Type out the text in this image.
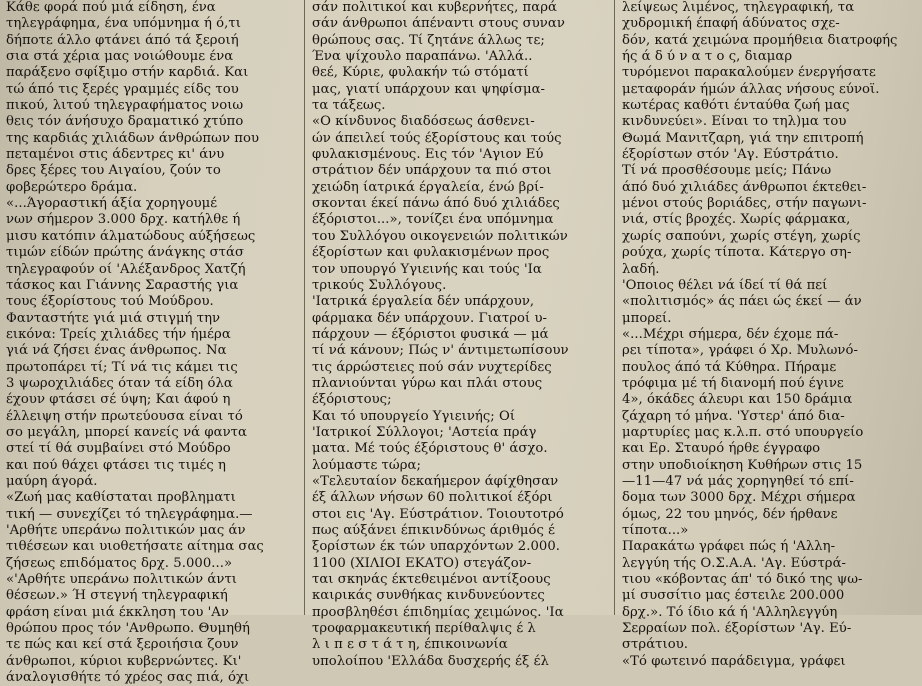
Κάθε φορά πού μιά είδηση, ένα
τηλεγράφημα, ένα υπόμνημα ή ό,τι
δήποτε άλλο φτάνει άπό τά ξεροιή
σια στά χέρια μας νοιώθουμε ένα
παράξενο σφίξιμο στήν καρδιά. Και
τώ άπό τις ξερές γραμμές είδς του
πικού, λιτού τηλεγραφήματος νοιω
θεις τόν άνήσυχο δραματικό χτύπο
της καρδιάς χιλιάδων άνθρώπων που
πεταμένοι στις άδεντρες κι' άνυ
δρες ξέρες του Αιγαίου, ζούν το
φοβερώτερο δράμα.
«...Άγοραστική άξία χορηγουμέ
νων σήμερον 3.000 δρχ. κατήλθε ή
μισυ κατόπιν άλματώδους αύξήσεως
τιμών είδών πρώτης άνάγκης στάσ
τηλεγραφούν οί 'Αλέξανδρος Χατζή
τάσκος και Γιάννης Σαραστής για
τους έξορίστους τού Μούδρου.
Φανταστήτε γιά μιά στιγμή την
εικόνα: Τρείς χιλιάδες τήν ήμέρα
γιά νά ζήσει ένας άνθρωπος. Να
πρωτοπάρει τί; Τί νά τις κάμει τις
3 ψωροχιλιάδες όταν τά είδη όλα
έχουν φτάσει σέ ύψη; Και άφού η
έλλειψη στήν πρωτεύουσα είναι τό
σο μεγάλη, μπορεί κανείς νά φαντα
στεί τί θά συμβαίνει στό Μούδρο
και πού θάχει φτάσει τις τιμές η
μαύρη άγορά.
«Ζωή μας καθίσταται προβληματι
τική — συνεχίζει τό τηλεγράφημα.—
'Αρθήτε υπεράνω πολιτικών μας άν
τιθέσεων και υιοθετήσατε αίτημα σας
ζήσεως επιδόματος δρχ. 5.000...»
«'Αρθήτε υπεράνω πολιτικών άντι
θέσεων.» Ή στεγνή τηλεγραφική
φράση είναι μιά έκκληση του 'Αν
θρώπου προς τόν 'Ανθρωπο. Θυμηθή
τε πώς και κεί στά ξεροιήσια ζουν
άνθρωποι, κύριοι κυβερνώντες. Κι'
άναλογισθήτε τό χρέος σας πιά, όχι
σάν πολιτικοί και κυβερνήτες, παρά
σάν άνθρωποι άπέναντι στους συναν
θρώπους σας. Τί ζητάνε άλλως τε;
Ένα ψίχουλο παραπάνω. 'Αλλά..
θεέ, Κύριε, φυλακήν τώ στόματί
μας, γιατί υπάρχουν και ψηφίσμα-
τα τάξεως.
«Ο κίνδυνος διαδόσεως άσθενει-
ών άπειλεί τούς έξορίστους και τούς
φυλακισμένους. Εις τόν 'Αγιον Εύ
στράτιον δέν υπάρχουν τα πιό στοι
χειώδη ίατρικά έργαλεία, ένώ βρί-
σκονται έκεί πάνω άπό δυό χιλιάδες
έξόριστοι...», τονίζει ένα υπόμνημα
του Συλλόγου οικογενειών πολιτικών
έξορίστων και φυλακισμένων προς
τον υπουργό Υγιεινής και τούς 'Ια
τρικούς Συλλόγους.
'Ιατρικά έργαλεία δέν υπάρχουν,
φάρμακα δέν υπάρχουν. Γιατροί υ-
πάρχουν — έξόριστοι φυσικά — μά
τί νά κάνουν; Πώς ν' άντιμετωπίσουν
τις άρρώστειες πού σάν νυχτερίδες
πλανιούνται γύρω και πλάι στους
έξόριστους;
Και τό υπουργείο Υγιεινής; Οί
'Ιατρικοί Σύλλογοι; 'Αστεία πράγ
ματα. Μέ τούς έξόριστους θ' άσχο.
λούμαστε τώρα;
«Τελευταίον δεκαήμερον άφίχθησαν
έξ άλλων νήσων 60 πολιτικοί έξόρι
στοι εις 'Αγ. Εύστράτιον. Τοιουτοτρό
πως αύξάνει έπικινδύνως άριθμός έ
ξορίστων έκ τών υπαρχόντων 2.000.
1100 (ΧΙΛΙΟΙ ΕΚΑΤΟ) στεγάζον-
ται σκηνάς έκτεθειμένοι αντίξοους
καιρικάς συνθήκας κινδυνεύοντες
προσβληθέσι έπιδημίας χειμώνος. 'Ια
τροφαρμακευτική περίθαλψις έ λ
λ ι π ε σ τ ά τ η, έπικοινωνία
υπολοίπου 'Ελλάδα δυσχερής έξ έλ
λείψεως λιμένος, τηλεγραφική, τα
χυδρομική έπαφή άδύνατος σχε-
δόν, κατά χειμώνα προμήθεια διατροφής
ής ά δ ύ ν α τ ο ς, διαμαρ
τυρόμενοι παρακαλούμεν ένεργήσατε
μεταφοράν ήμών άλλας νήσους εύνοϊ.
κωτέρας καθότι ένταύθα ζωή μας
κινδυνεύει». Είναι το τηλ)μα του
Θωμά Μανιτζαρη, γιά την επιτροπή
έξορίστων στόν 'Αγ. Εύστράτιο.
Τί νά προσθέσουμε μείς; Πάνω
άπό δυό χιλιάδες άνθρωποι έκτεθει-
μένοι στούς βοριάδες, στήν παγωνι-
νιά, στίς βροχές. Χωρίς φάρμακα,
χωρίς σαπούνι, χωρίς στέγη, χωρίς
ρούχα, χωρίς τίποτα. Κάτεργο ση-
λαδή.
'Οποιος θέλει νά ίδεί τί θά πεί
«πολιτισμός» άς πάει ώς έκεί — άν
μπορεί.
«...Μέχρι σήμερα, δέν έχομε πά-
ρει τίποτα», γράφει ό Χρ. Μυλωνό-
πουλος άπό τά Κύθηρα. Πήραμε
τρόφιμα μέ τή διανομή πού έγινε
4», όκάδες άλευρι και 150 δράμια
ζάχαρη τό μήνα. 'Υστερ' άπό δια-
μαρτυρίες μας κ.λ.π. στό υπουργείο
και Ερ. Σταυρό ήρθε έγγραφο
στην υποδιοίκηση Κυθήρων στις 15
—11—47 νά μάς χορηγηθεί τό επί-
δομα των 3000 δρχ. Μέχρι σήμερα
όμως, 22 του μηνός, δέν ήρθανε
τίποτα...»
Παρακάτω γράφει πώς ή 'Αλλη-
λεγγύη τής Ο.Σ.Α.Α. 'Αγ. Εύστρά-
τιου «κόβοντας άπ' τό δικό της ψω-
μί συσσίτιο μας έστειλε 200.000
δρχ.». Τό ίδιο κά ή 'Αλληλεγγύη
Σερραίων πολ. έξορίστων 'Αγ. Εύ-
στράτιου.
«Τό φωτεινό παράδειγμα, γράφει
